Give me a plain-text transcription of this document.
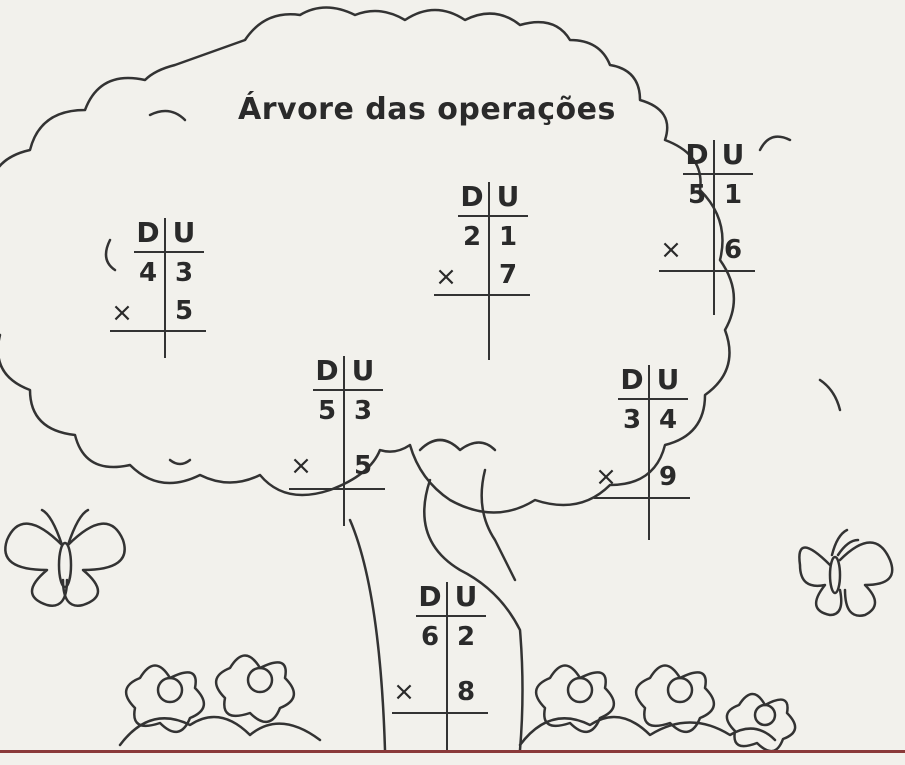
Árvore das operações
D U
4 3
× 5
D U
2 1
× 7
D U
5 1
× 6
D U
5 3
× 5
D U
3 4
× 9
D U
6 2
× 8
